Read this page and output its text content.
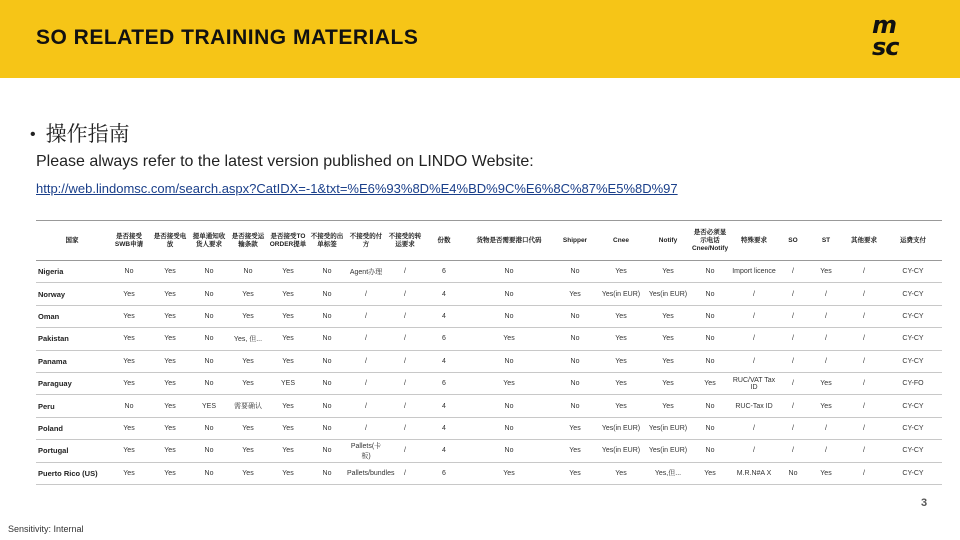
SO RELATED TRAINING MATERIALS	m
sc
• 操作指南
Please always refer to the latest version published on LINDO Website:
http://web.lindomsc.com/search.aspx?CatIDX=-1&txt=%E6%93%8D%E4%BD%9C%E6%8C%87%E5%8D%97
国家	是否接受SWB申请	是否接受电放	提单通知收货人要求	是否接受运输条款	是否接受TO ORDER提单	不接受的出单标签	不接受的付方	不接受的转运要求	份数	货物是否需要港口代码	Shipper	Cnee	Notify	是否必须显示电话Cnee/Notify	特殊要求	SO	ST	其他要求	运费支付
Nigeria	No	Yes	No	No	Yes	No	Agent办理	/	6	No	No	Yes	Yes	No	Import licence	/	Yes	/	CY-CY
Norway	Yes	Yes	No	Yes	Yes	No	/	/	4	No	Yes	Yes(in EUR)	Yes(in EUR)	No	/	/	/	/	CY-CY
Oman	Yes	Yes	No	Yes	Yes	No	/	/	4	No	No	Yes	Yes	No	/	/	/	/	CY-CY
Pakistan	Yes	Yes	No	Yes, 但...	Yes	No	/	/	6	Yes	No	Yes	Yes	No	/	/	/	/	CY-CY
Panama	Yes	Yes	No	Yes	Yes	No	/	/	4	No	No	Yes	Yes	No	/	/	/	/	CY-CY
Paraguay	Yes	Yes	No	Yes	YES	No	/	/	6	Yes	No	Yes	Yes	Yes	RUC/VAT Tax ID	/	Yes	/	CY-FO
Peru	No	Yes	YES	需要确认	Yes	No	/	/	4	No	No	Yes	Yes	No	RUC-Tax ID	/	Yes	/	CY-CY
Poland	Yes	Yes	No	Yes	Yes	No	/	/	4	No	Yes	Yes(in EUR)	Yes(in EUR)	No	/	/	/	/	CY-CY
Portugal	Yes	Yes	No	Yes	Yes	No	Pallets(卡板)	/	4	No	Yes	Yes(in EUR)	Yes(in EUR)	No	/	/	/	/	CY-CY
Puerto Rico (US)	Yes	Yes	No	Yes	Yes	No	Pallets/bundles	/	6	Yes	Yes	Yes	Yes,但...	Yes	M.R.N#A X	No	Yes	/	CY-CY
3
Sensitivity: Internal
